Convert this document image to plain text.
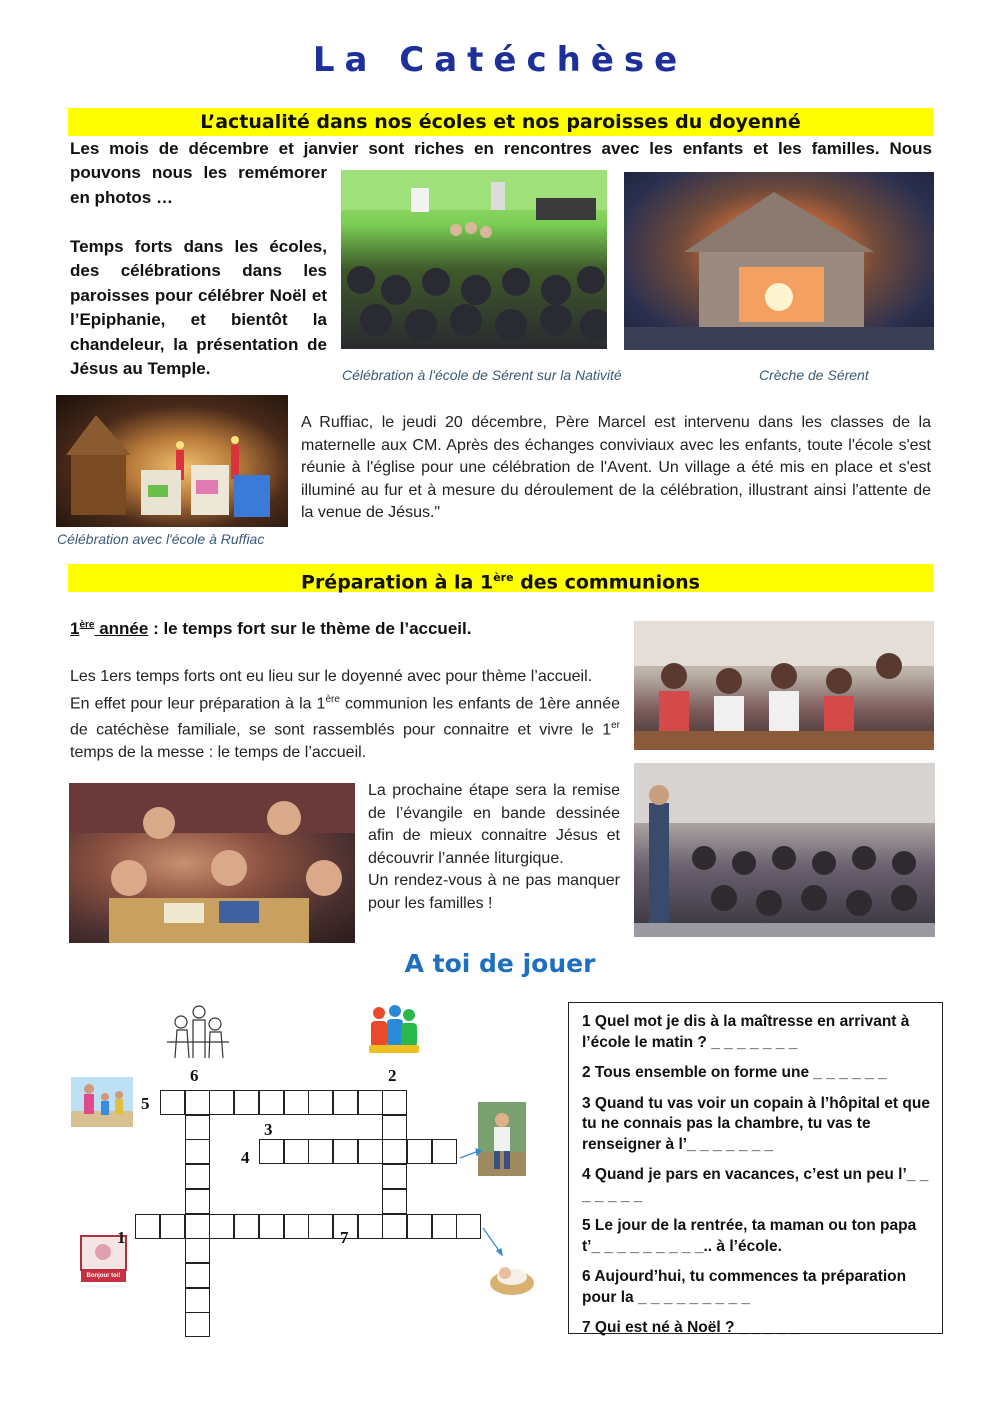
La Catéchèse
L’actualité dans nos écoles et nos paroisses du doyenné
Les mois de décembre et janvier sont riches en rencontres avec les enfants et les familles. Nous
pouvons nous les remémorer en photos …
Temps forts dans les écoles, des célébrations dans les paroisses pour célébrer Noël et l’Epiphanie, et bientôt la chandeleur, la présentation de Jésus au Temple.	Célébration à l'école de Sérent sur la Nativité	Crèche de Sérent
A Ruffiac, le jeudi 20 décembre, Père Marcel est intervenu dans les classes de la maternelle aux CM. Après des échanges conviviaux avec les enfants, toute l'école s'est réunie à l'église pour une célébration de l'Avent. Un village a été mis en place et s'est illuminé au fur et à mesure du déroulement de la célébration, illustrant ainsi l'attente de la venue de Jésus."
Célébration avec l'école à Ruffiac
Préparation à la 1ère des communions
1ère année : le temps fort sur le thème de l’accueil.
Les 1ers temps forts ont eu lieu sur le doyenné avec pour thème l’accueil.
En effet pour leur préparation à la 1ère communion les enfants de 1ère année de catéchèse familiale, se sont rassemblés pour connaitre et vivre le 1er temps de la messe : le temps de l’accueil.
La prochaine étape sera la remise de l’évangile en bande dessinée afin de mieux connaitre Jésus et découvrir l’année liturgique.
Un rendez-vous à ne pas manquer pour les familles !
A toi de jouer
Bonjour toi!
6	2
5
3
4
1	7
1 Quel mot je dis à la maîtresse en arrivant à l’école le matin ? _ _ _ _ _ _ _
2 Tous ensemble on forme une _ _ _ _ _ _
3 Quand tu vas voir un copain à l’hôpital et que tu ne connais pas la chambre, tu vas te renseigner à l’_ _ _ _ _ _ _
4 Quand je pars en vacances, c’est un peu l’_ _ _ _ _ _ _
5 Le jour de la rentrée, ta maman ou ton papa t’_ _ _ _ _ _ _ _ _.. à l’école.
6 Aujourd’hui, tu commences ta préparation pour la _ _ _ _ _ _ _ _ _
7 Qui est né à Noël ? _ _ _ _ _
